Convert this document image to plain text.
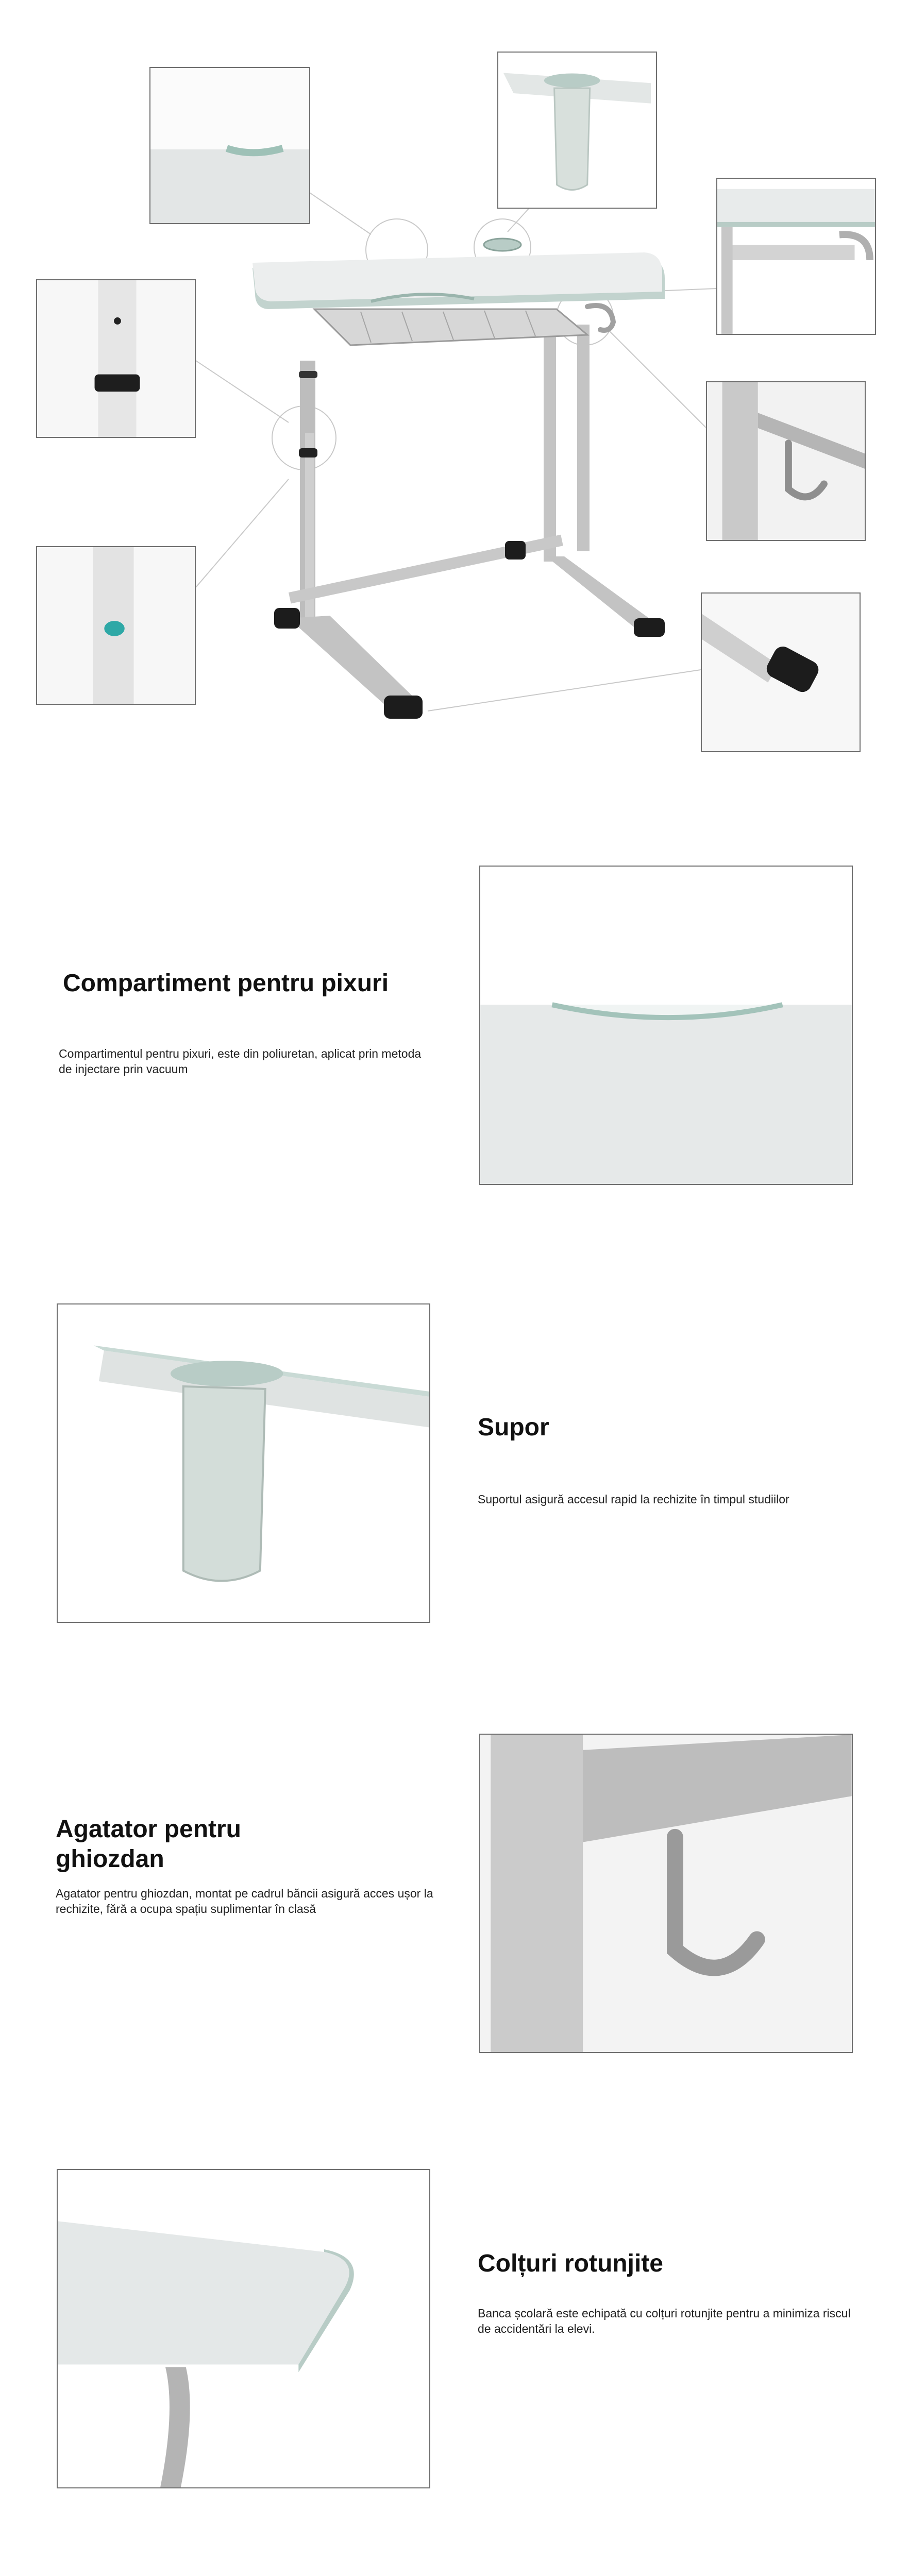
Compartiment pentru pixuri

Compartimentul pentru pixuri, este din poliuretan, aplicat prin metoda de injectare prin vacuum

Supor

Suportul asigură accesul rapid la rechizite în timpul studiilor

Agatator pentru ghiozdan

Agatator pentru ghiozdan, montat pe cadrul băncii asigură acces ușor la rechizite, fără a ocupa spațiu suplimentar în clasă

Colțuri rotunjite

Banca școlară este echipată cu colțuri rotunjite pentru a minimiza riscul de accidentări la elevi.
